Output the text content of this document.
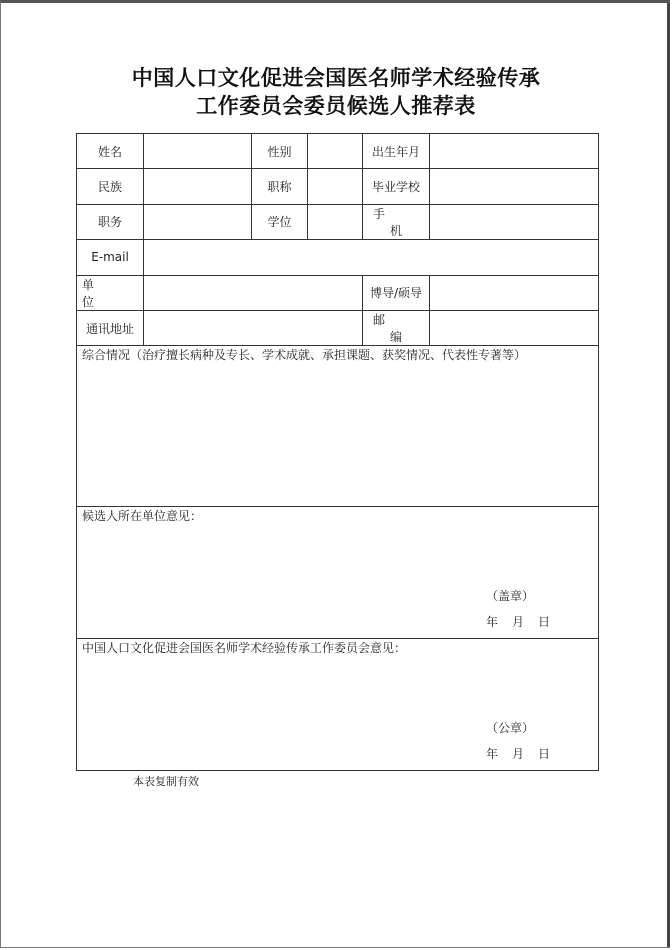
中国人口文化促进会国医名师学术经验传承
工作委员会委员候选人推荐表
姓名		性别		出生年月	
民族		职称		毕业学校	
职务		学位		手机	
E-mail					
单位				博导/硕导	
通讯地址				邮编	
综合情况（治疗擅长病种及专长、学术成就、承担课题、获奖情况、代表性专著等）					
候选人所在单位意见：
（盖章）
年 月 日					

中国人口文化促进会国医名师学术经验传承工作委员会意见：
（公章）
年 月 日					
本表复制有效
